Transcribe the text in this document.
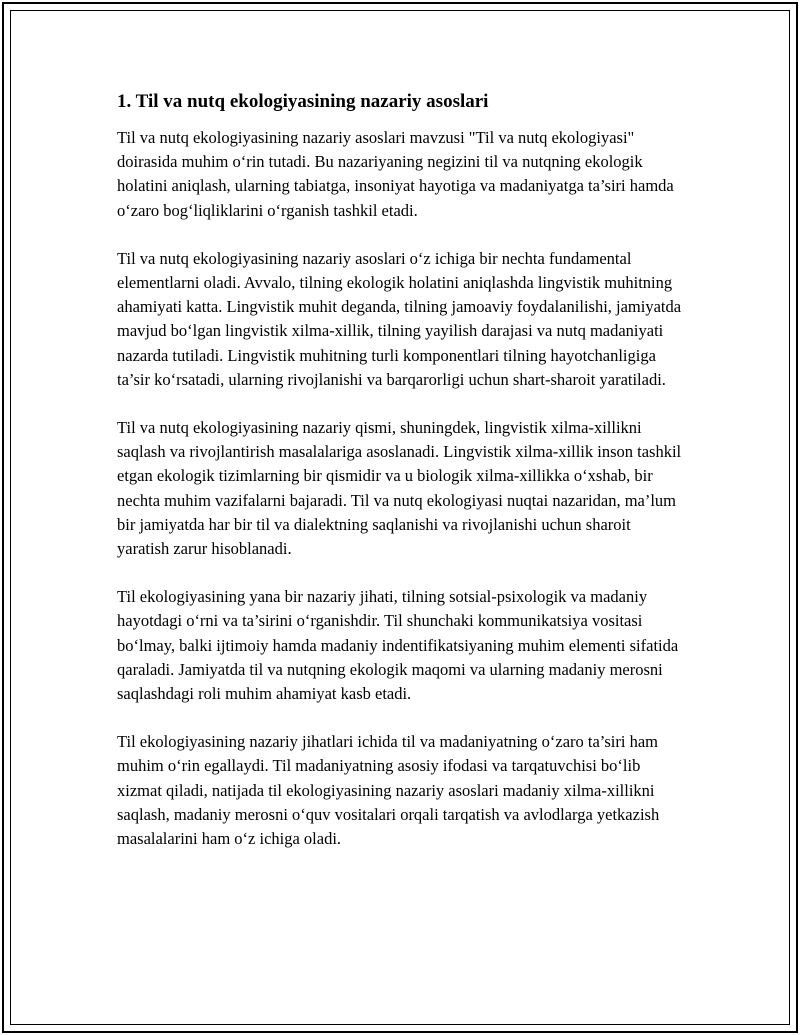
1. Til va nutq ekologiyasining nazariy asoslari

Til va nutq ekologiyasining nazariy asoslari mavzusi "Til va nutq ekologiyasi" doirasida muhim o‘rin tutadi. Bu nazariyaning negizini til va nutqning ekologik holatini aniqlash, ularning tabiatga, insoniyat hayotiga va madaniyatga ta’siri hamda o‘zaro bog‘liqliklarini o‘rganish tashkil etadi.

Til va nutq ekologiyasining nazariy asoslari o‘z ichiga bir nechta fundamental elementlarni oladi. Avvalo, tilning ekologik holatini aniqlashda lingvistik muhitning ahamiyati katta. Lingvistik muhit deganda, tilning jamoaviy foydalanilishi, jamiyatda mavjud bo‘lgan lingvistik xilma-xillik, tilning yayilish darajasi va nutq madaniyati nazarda tutiladi. Lingvistik muhitning turli komponentlari tilning hayotchanligiga ta’sir ko‘rsatadi, ularning rivojlanishi va barqarorligi uchun shart-sharoit yaratiladi.

Til va nutq ekologiyasining nazariy qismi, shuningdek, lingvistik xilma-xillikni saqlash va rivojlantirish masalalariga asoslanadi. Lingvistik xilma-xillik inson tashkil etgan ekologik tizimlarning bir qismidir va u biologik xilma-xillikka o‘xshab, bir nechta muhim vazifalarni bajaradi. Til va nutq ekologiyasi nuqtai nazaridan, ma’lum bir jamiyatda har bir til va dialektning saqlanishi va rivojlanishi uchun sharoit yaratish zarur hisoblanadi.

Til ekologiyasining yana bir nazariy jihati, tilning sotsial-psixologik va madaniy hayotdagi o‘rni va ta’sirini o‘rganishdir. Til shunchaki kommunikatsiya vositasi bo‘lmay, balki ijtimoiy hamda madaniy indentifikatsiyaning muhim elementi sifatida qaraladi. Jamiyatda til va nutqning ekologik maqomi va ularning madaniy merosni saqlashdagi roli muhim ahamiyat kasb etadi.

Til ekologiyasining nazariy jihatlari ichida til va madaniyatning o‘zaro ta’siri ham muhim o‘rin egallaydi. Til madaniyatning asosiy ifodasi va tarqatuvchisi bo‘lib xizmat qiladi, natijada til ekologiyasining nazariy asoslari madaniy xilma-xillikni saqlash, madaniy merosni o‘quv vositalari orqali tarqatish va avlodlarga yetkazish masalalarini ham o‘z ichiga oladi.
